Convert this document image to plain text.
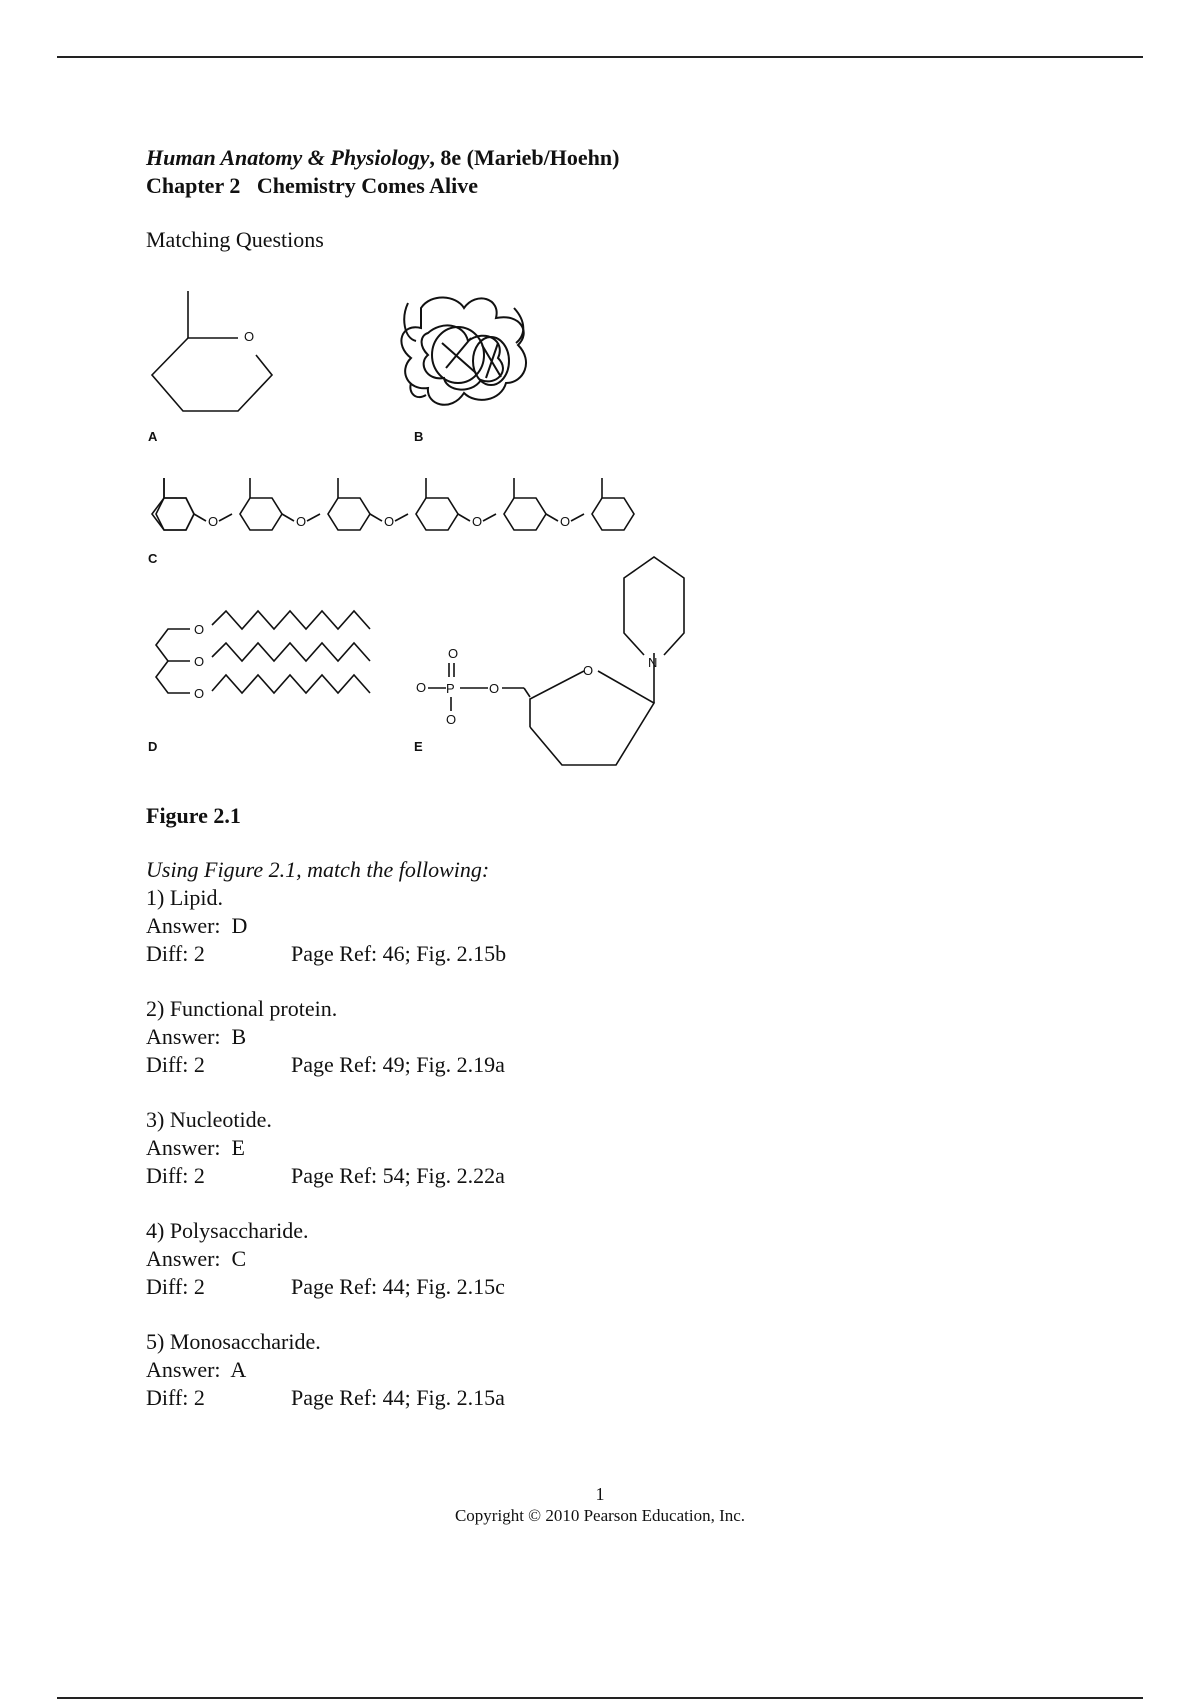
Human Anatomy & Physiology, 8e (Marieb/Hoehn)
Chapter 2   Chemistry Comes Alive
Matching Questions
O
A	B
O	O	O	O	O
C
O
O
O
D
O P
O
O
O
O
N
E
Figure 2.1
Using Figure 2.1, match the following:
1) Lipid.
Answer:  D
Diff: 2	Page Ref: 46; Fig. 2.15b
2) Functional protein.
Answer:  B
Diff: 2	Page Ref: 49; Fig. 2.19a
3) Nucleotide.
Answer:  E
Diff: 2	Page Ref: 54; Fig. 2.22a
4) Polysaccharide.
Answer:  C
Diff: 2	Page Ref: 44; Fig. 2.15c
5) Monosaccharide.
Answer:  A
Diff: 2	Page Ref: 44; Fig. 2.15a
1
Copyright © 2010 Pearson Education, Inc.
